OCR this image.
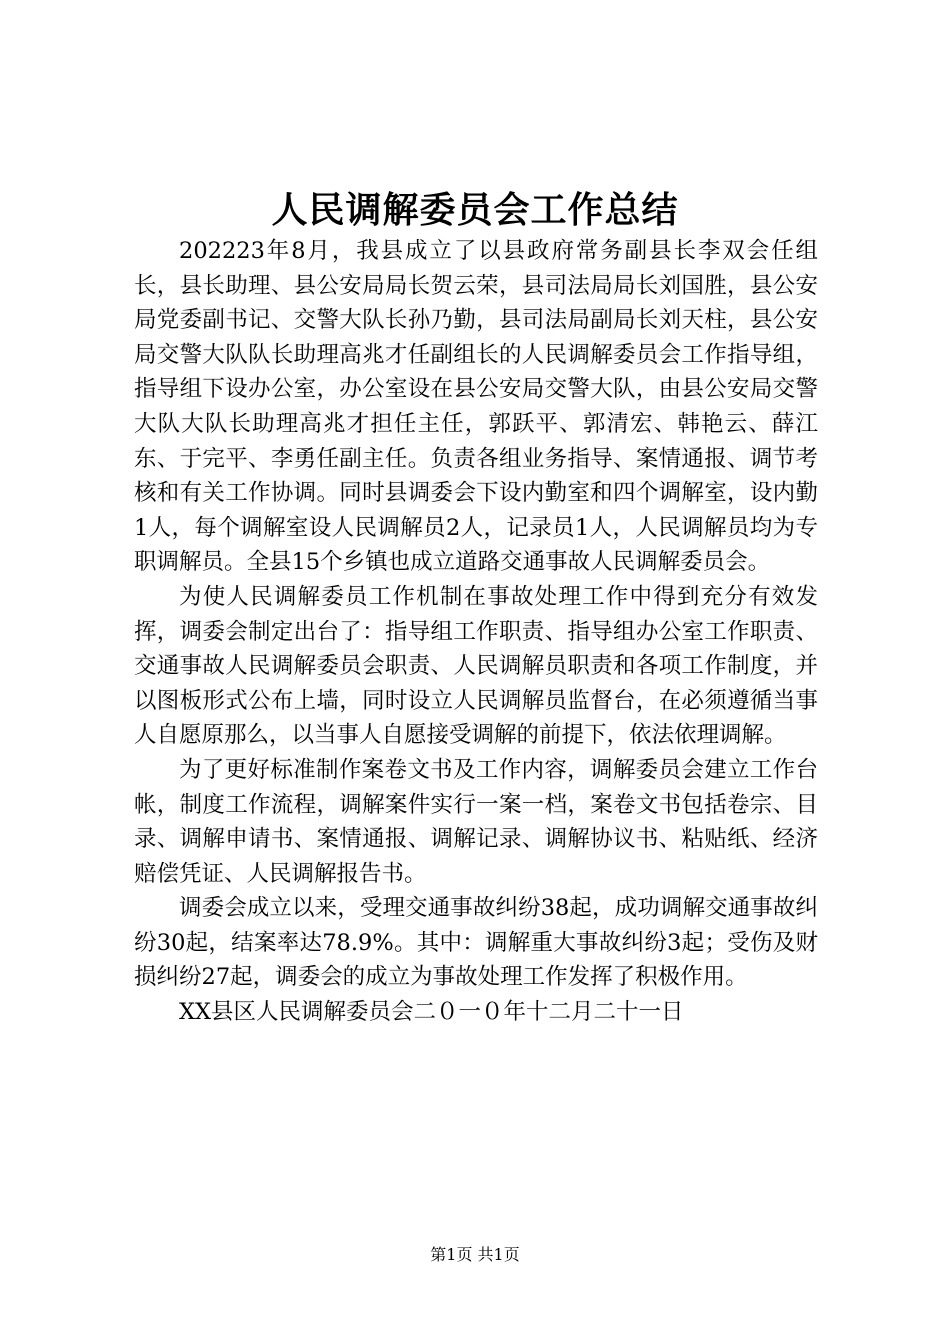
人民调解委员会工作总结

202223年8月，我县成立了以县政府常务副县长李双会任组长，县长助理、县公安局局长贺云荣，县司法局局长刘国胜，县公安局党委副书记、交警大队长孙乃勤，县司法局副局长刘天柱，县公安局交警大队队长助理高兆才任副组长的人民调解委员会工作指导组，指导组下设办公室，办公室设在县公安局交警大队，由县公安局交警大队大队长助理高兆才担任主任，郭跃平、郭清宏、韩艳云、薛江东、于完平、李勇任副主任。负责各组业务指导、案情通报、调节考核和有关工作协调。同时县调委会下设内勤室和四个调解室，设内勤1人，每个调解室设人民调解员2人，记录员1人，人民调解员均为专职调解员。全县15个乡镇也成立道路交通事故人民调解委员会。

为使人民调解委员工作机制在事故处理工作中得到充分有效发挥，调委会制定出台了：指导组工作职责、指导组办公室工作职责、交通事故人民调解委员会职责、人民调解员职责和各项工作制度，并以图板形式公布上墙，同时设立人民调解员监督台，在必须遵循当事人自愿原那么，以当事人自愿接受调解的前提下，依法依理调解。

为了更好标准制作案卷文书及工作内容，调解委员会建立工作台帐，制度工作流程，调解案件实行一案一档，案卷文书包括卷宗、目录、调解申请书、案情通报、调解记录、调解协议书、粘贴纸、经济赔偿凭证、人民调解报告书。

调委会成立以来，受理交通事故纠纷38起，成功调解交通事故纠纷30起，结案率达78.9%。其中：调解重大事故纠纷3起；受伤及财损纠纷27起，调委会的成立为事故处理工作发挥了积极作用。

XX县区人民调解委员会二０一０年十二月二十一日

第1页 共1页
